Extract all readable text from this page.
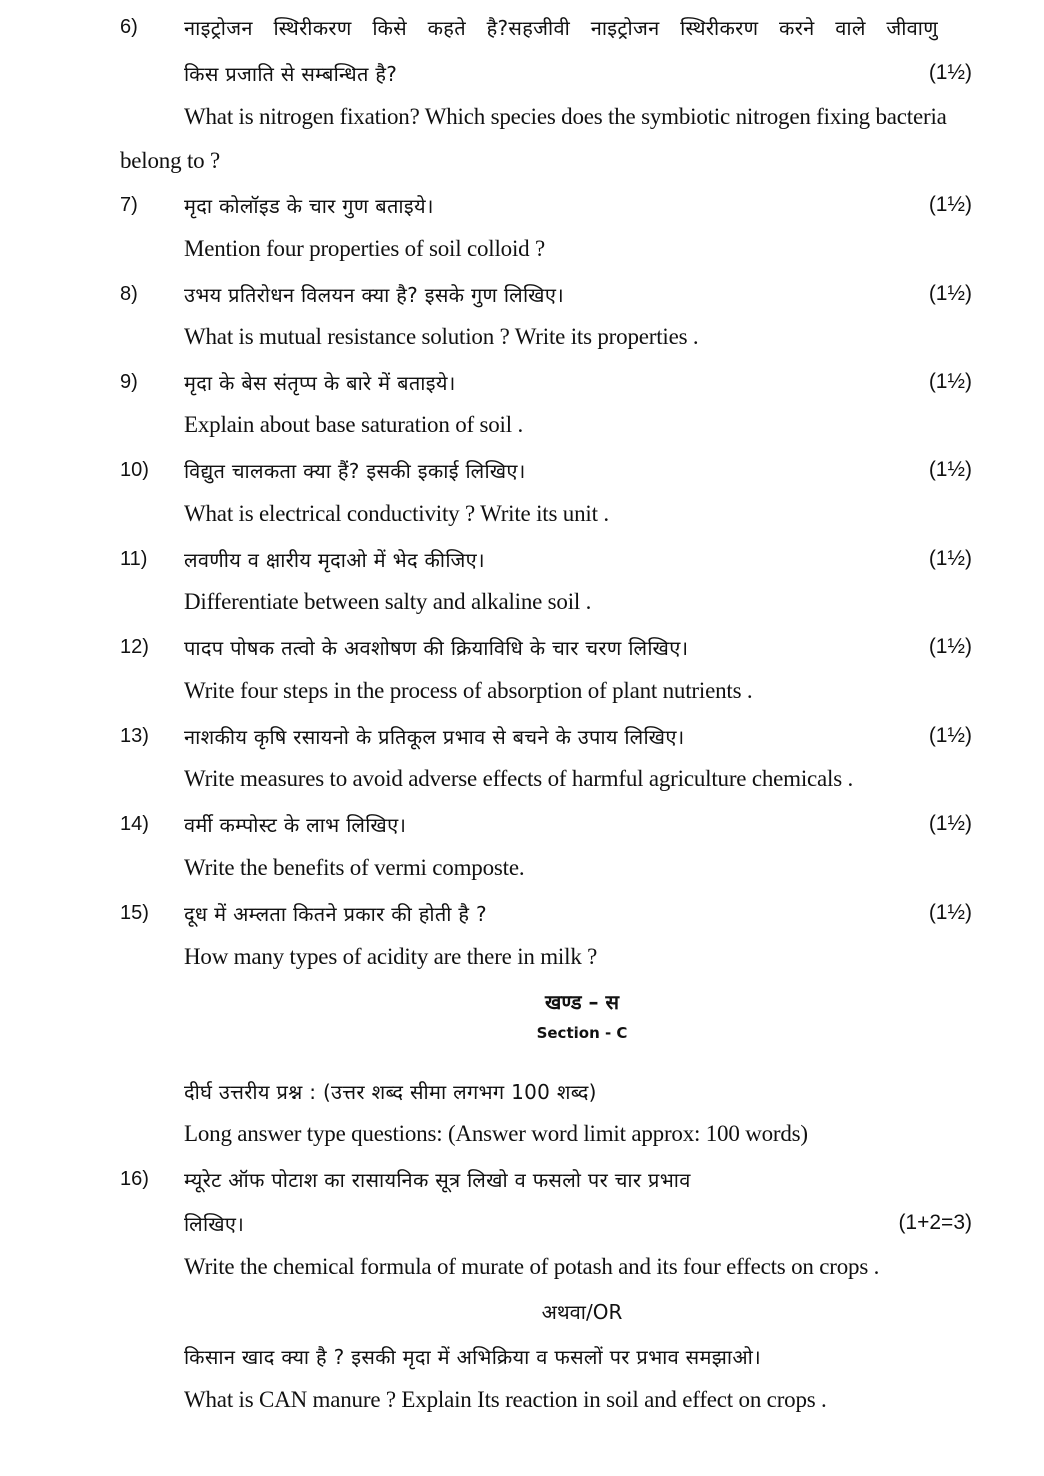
6) नाइट्रोजन स्थिरीकरण किसे कहते है?सहजीवी नाइट्रोजन स्थिरीकरण करने वाले जीवाणु
किस प्रजाति से सम्बन्धित है?	(1½)
What is nitrogen fixation? Which species does the symbiotic nitrogen fixing bacteria
belong to ?
7) मृदा कोलॉइड के चार गुण बताइये।	(1½)
Mention four properties of soil colloid ?
8) उभय प्रतिरोधन विलयन क्या है? इसके गुण लिखिए।	(1½)
What is mutual resistance solution ? Write its properties .
9) मृदा के बेस संतृप्प के बारे में बताइये।	(1½)
Explain about base saturation of soil .
10) विद्युत चालकता क्या हैं? इसकी इकाई लिखिए।	(1½)
What is electrical conductivity ? Write its unit .
11) लवणीय व क्षारीय मृदाओ में भेद कीजिए।	(1½)
Differentiate between salty and alkaline soil .
12) पादप पोषक तत्वो के अवशोषण की क्रियाविधि के चार चरण लिखिए।	(1½)
Write four steps in the process of absorption of plant nutrients .
13) नाशकीय कृषि रसायनो के प्रतिकूल प्रभाव से बचने के उपाय लिखिए।	(1½)
Write measures to avoid adverse effects of harmful agriculture chemicals .
14) वर्मी कम्पोस्ट के लाभ लिखिए।	(1½)
Write the benefits of vermi composte.
15) दूध में अम्लता कितने प्रकार की होती है ?	(1½)
How many types of acidity are there in milk ?
खण्ड – स
Section - C
दीर्घ उत्तरीय प्रश्न : (उत्तर शब्द सीमा लगभग 100 शब्द)
Long answer type questions: (Answer word limit approx: 100 words)
16) म्यूरेट ऑफ पोटाश का रासायनिक सूत्र लिखो व फसलो पर चार प्रभाव
लिखिए।	(1+2=3)
Write the chemical formula of murate of potash and its four effects on crops .
अथवा/OR
किसान खाद क्या है ? इसकी मृदा में अभिक्रिया व फसलों पर प्रभाव समझाओ।
What is CAN manure ? Explain Its reaction in soil and effect on crops .
